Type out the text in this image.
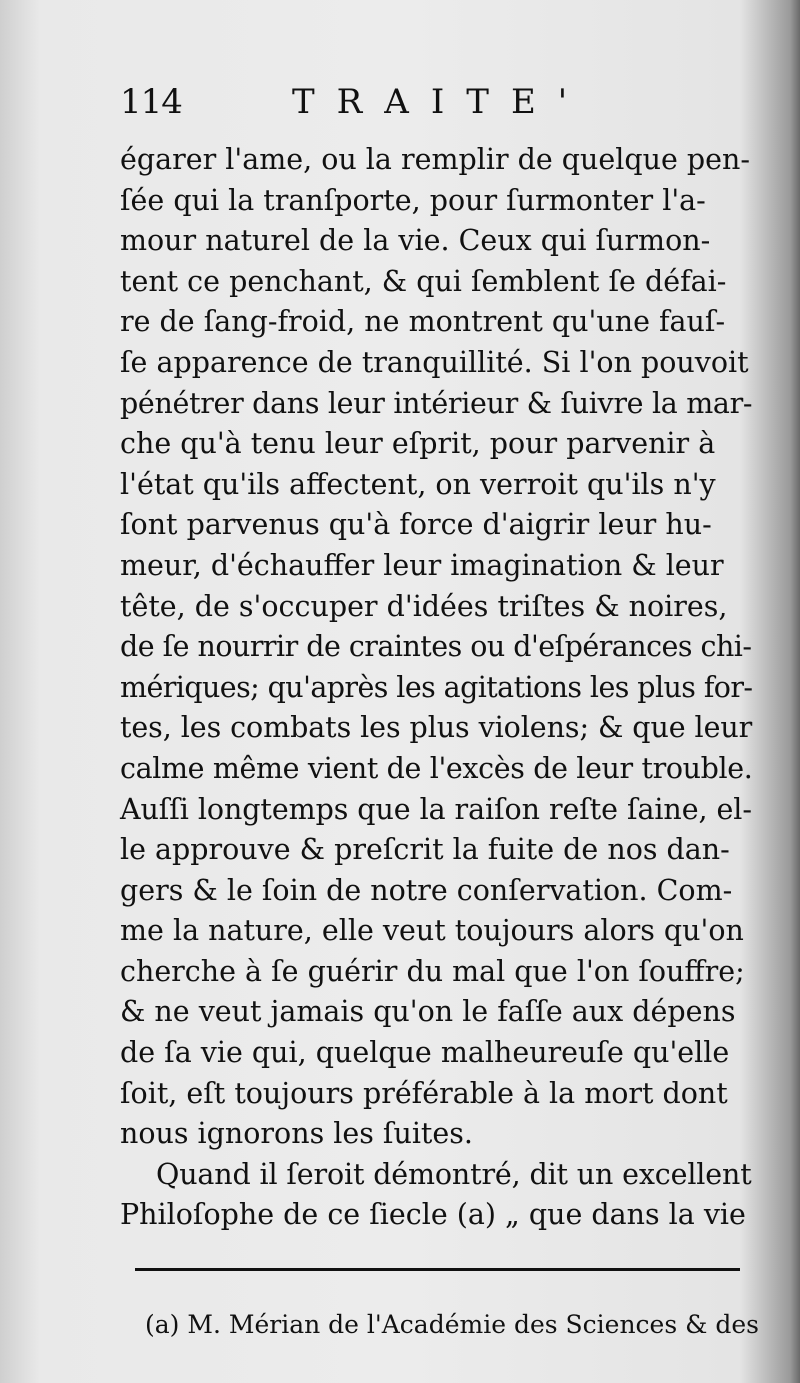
114	TRAITE'
égarer l'ame, ou la remplir de quelque pen-
ſée qui la tranſporte, pour ſurmonter l'a-
mour naturel de la vie. Ceux qui ſurmon-
tent ce penchant, & qui ſemblent ſe défai-
re de ſang-froid, ne montrent qu'une fauſ-
ſe apparence de tranquillité. Si l'on pouvoit
pénétrer dans leur intérieur & ſuivre la mar-
che qu'à tenu leur eſprit, pour parvenir à
l'état qu'ils affectent, on verroit qu'ils n'y
ſont parvenus qu'à force d'aigrir leur hu-
meur, d'échauffer leur imagination & leur
tête, de s'occuper d'idées triſtes & noires,
de ſe nourrir de craintes ou d'eſpérances chi-
mériques; qu'après les agitations les plus for-
tes, les combats les plus violens; & que leur
calme même vient de l'excès de leur trouble.
Auſſi longtemps que la raiſon reſte ſaine, el-
le approuve & preſcrit la fuite de nos dan-
gers & le ſoin de notre conſervation. Com-
me la nature, elle veut toujours alors qu'on
cherche à ſe guérir du mal que l'on ſouffre;
& ne veut jamais qu'on le faſſe aux dépens
de ſa vie qui, quelque malheureuſe qu'elle
ſoit, eſt toujours préférable à la mort dont
nous ignorons les ſuites.
Quand il ſeroit démontré, dit un excellent
Philoſophe de ce ſiecle (a) „ que dans la vie
(a) M. Mérian de l'Académie des Sciences & des
